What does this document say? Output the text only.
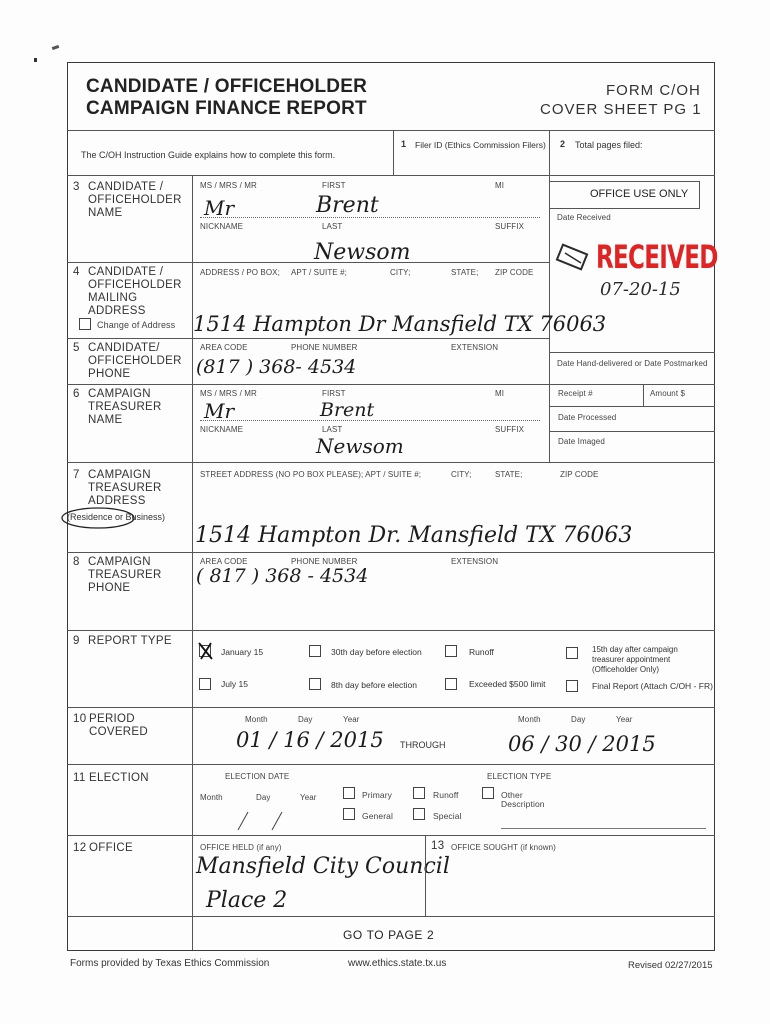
CANDIDATE / OFFICEHOLDER
CAMPAIGN FINANCE REPORT
FORM C/OH
COVER SHEET PG 1
The C/OH Instruction Guide explains how to complete this form.
1 Filer ID (Ethics Commission Filers) 2 Total pages filed:
OFFICE USE ONLY
Date Received
RECEIVED
07-20-15
Date Hand-delivered or Date Postmarked
Receipt #	Amount $
Date Processed
Date Imaged
3 CANDIDATE /
OFFICEHOLDER
NAME
MS / MRS / MR	FIRST	MI
Mr	Brent
NICKNAME	LAST	SUFFIX
Newsom
4 CANDIDATE /
OFFICEHOLDER
MAILING
ADDRESS
Change of Address
ADDRESS / PO BOX; APT / SUITE #;	CITY;	STATE; ZIP CODE
1514 Hampton Dr Mansfield TX 76063
5 CANDIDATE/
OFFICEHOLDER
PHONE
AREA CODE	PHONE NUMBER	EXTENSION
(817 ) 368- 4534
6 CAMPAIGN
TREASURER
NAME
MS / MRS / MR	FIRST	MI
Mr	Brent
NICKNAME	LAST	SUFFIX
Newsom
7 CAMPAIGN
TREASURER
ADDRESS
(Residence or Business)
STREET ADDRESS (NO PO BOX PLEASE); APT / SUITE #;	CITY;	STATE;	ZIP CODE
1514 Hampton Dr. Mansfield TX 76063
8 CAMPAIGN
TREASURER
PHONE
AREA CODE	PHONE NUMBER	EXTENSION
( 817 ) 368 - 4534
9 REPORT TYPE
January 15	30th day before election	Runoff	15th day after campaign
treasurer appointment
(Officeholder Only)
July 15	8th day before election	Exceeded $500 limit	Final Report (Attach C/OH - FR)
10 PERIOD
COVERED
Month	Day	Year	Month	Day	Year
01 / 16 / 2015 THROUGH	06 / 30 / 2015
11 ELECTION	ELECTION DATE
Month	Day	Year
ELECTION TYPE
Primary	Runoff	Other
Description
General	Special
12 OFFICE	OFFICE HELD (if any)
Mansfield City Council
Place 2
13 OFFICE SOUGHT (if known)
GO TO PAGE 2
Forms provided by Texas Ethics Commission	www.ethics.state.tx.us	Revised 02/27/2015
